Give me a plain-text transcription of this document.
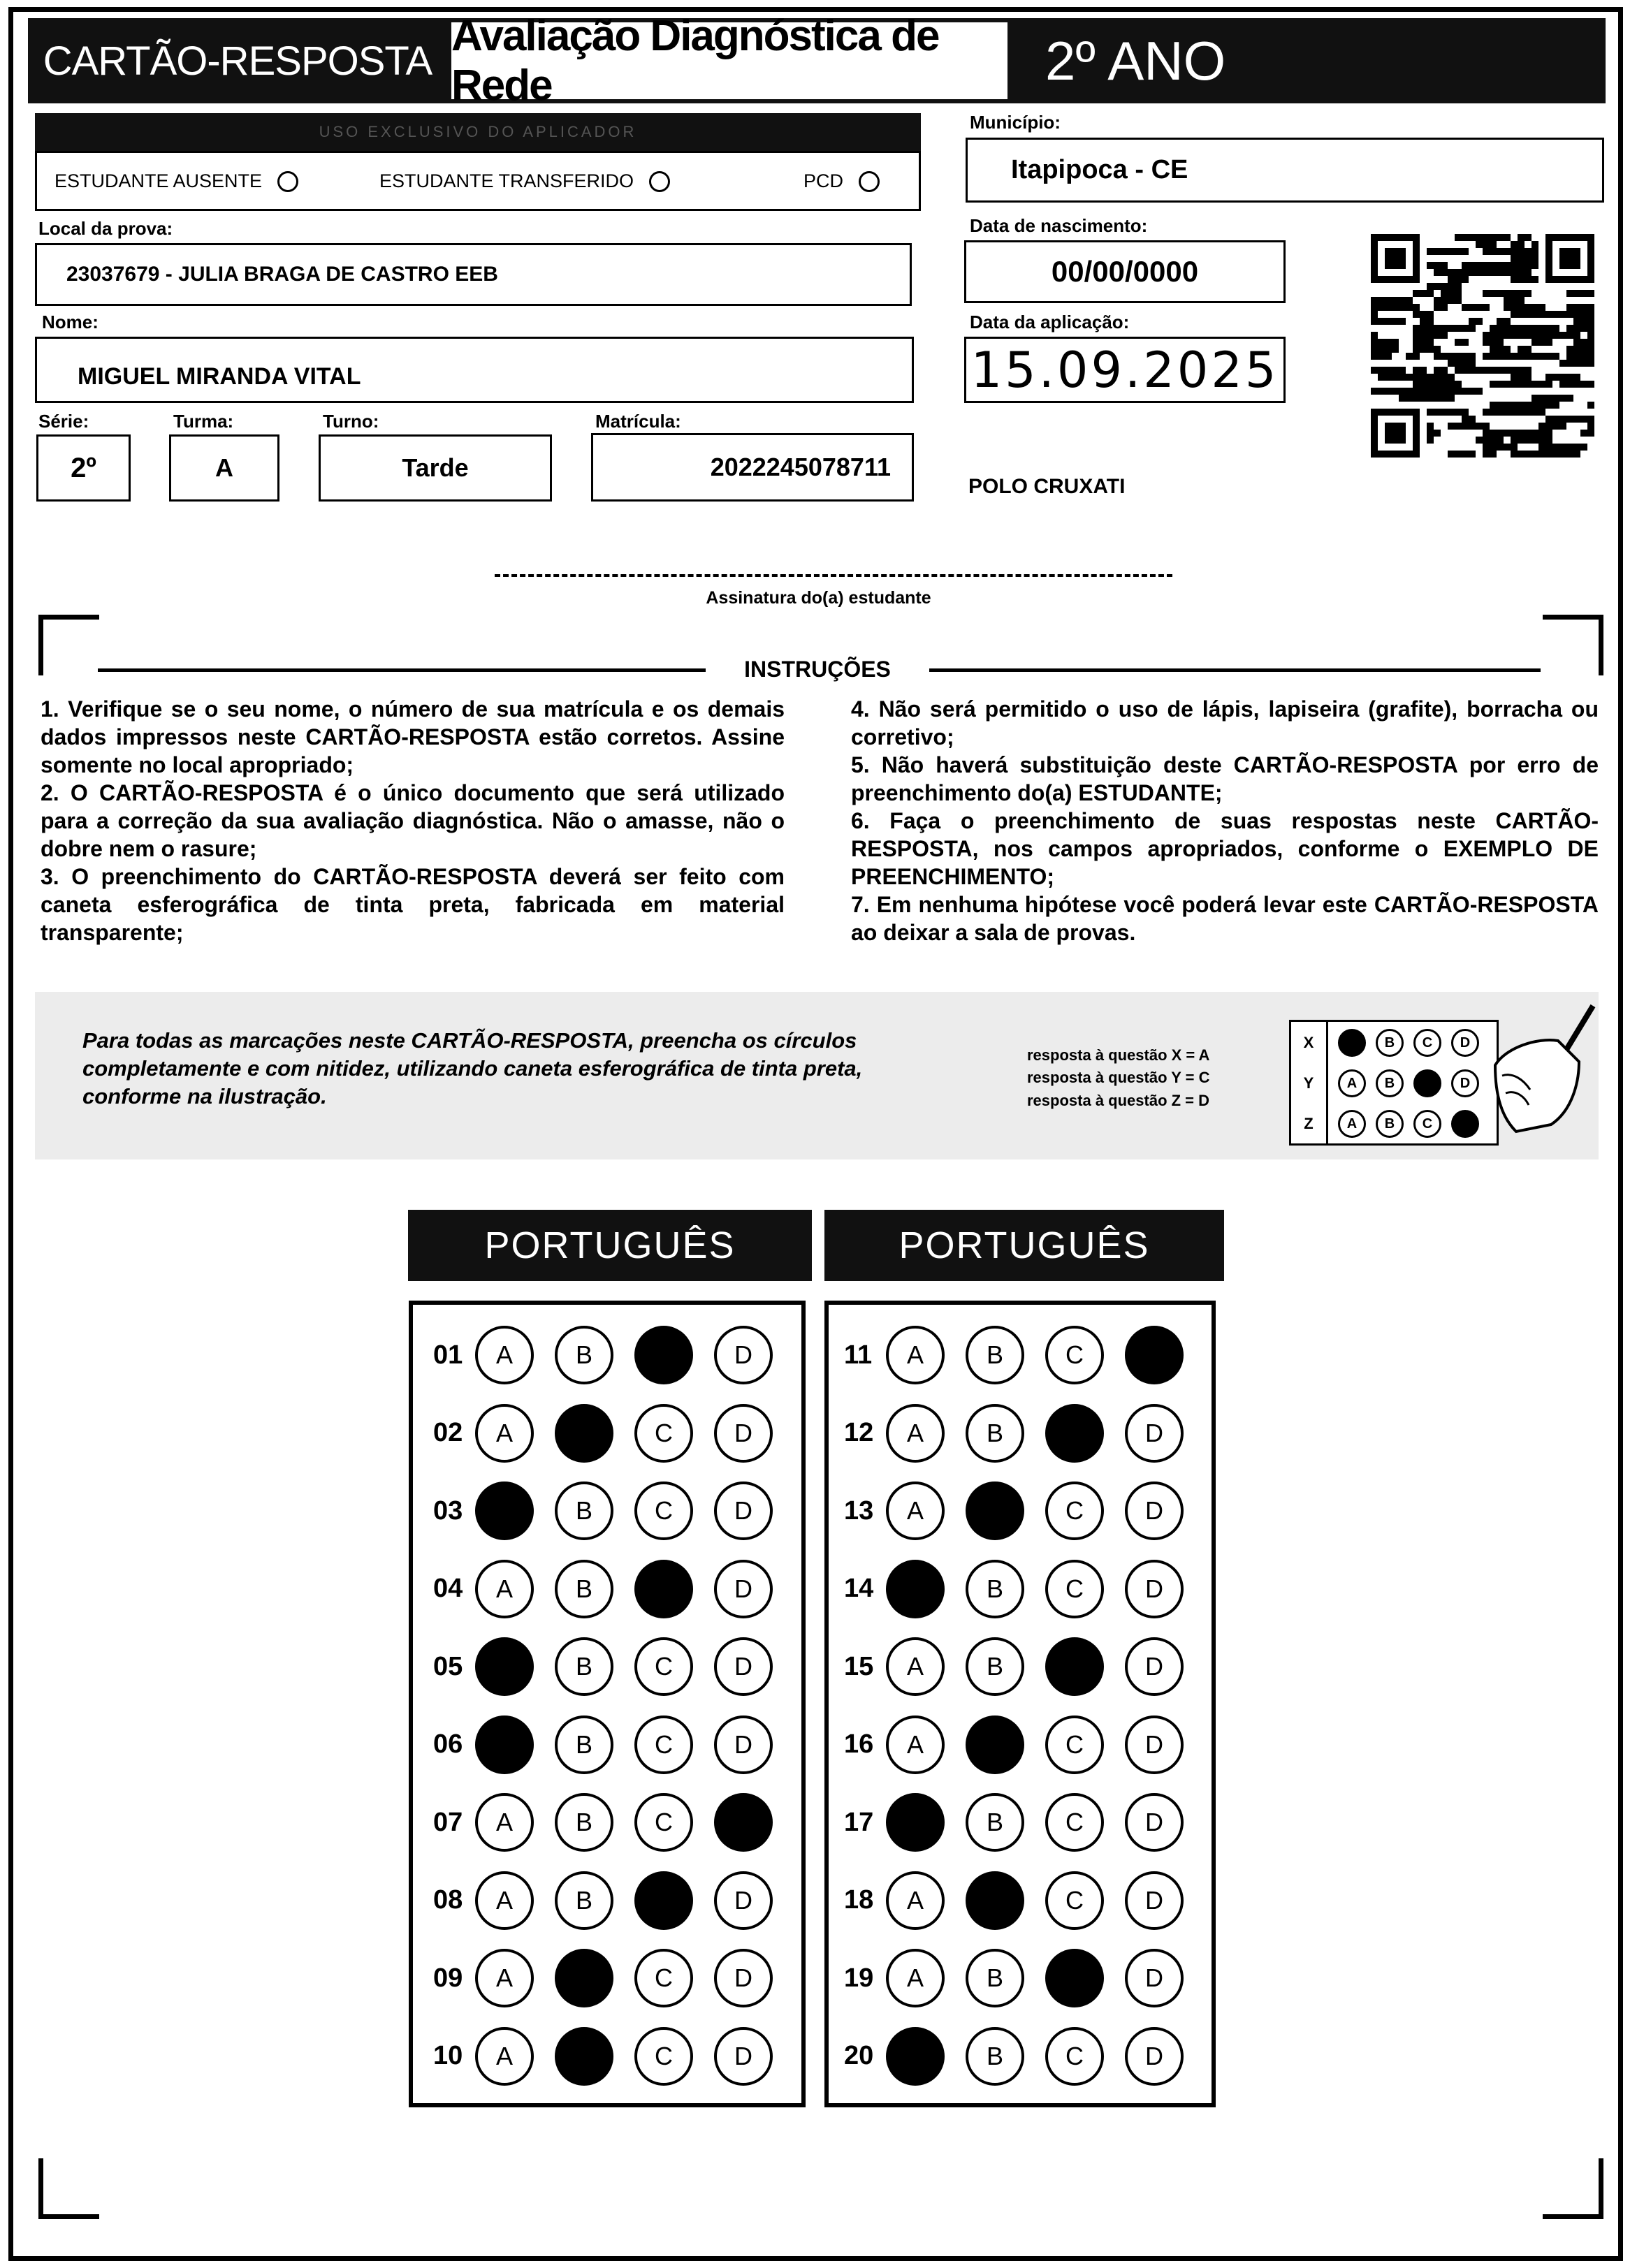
CARTÃO-RESPOSTA
Avaliação Diagnóstica de Rede	2º ANO
USO EXCLUSIVO DO APLICADOR
ESTUDANTE AUSENTE	ESTUDANTE TRANSFERIDO	PCD
Município:
Itapipoca - CE
Local da prova:
23037679 - JULIA BRAGA DE CASTRO EEB
Data de nascimento:
00/00/0000
Nome:
MIGUEL MIRANDA VITAL
Data da aplicação:
15.09.2025
Série:
2º
Turma:
A
Turno:
Tarde
Matrícula:
2022245078711
POLO CRUXATI
Assinatura do(a) estudante
INSTRUÇÕES

1. Verifique se o seu nome, o número de sua matrícula e os demais dados impressos neste CARTÃO-RESPOSTA estão corretos. Assine somente no local apropriado;

2. O CARTÃO-RESPOSTA é o único documento que será utilizado para a correção da sua avaliação diagnóstica. Não o amasse, não o dobre nem o rasure;

3. O preenchimento do CARTÃO-RESPOSTA deverá ser feito com caneta esferográfica de tinta preta, fabricada em material transparente;

4. Não será permitido o uso de lápis, lapiseira (grafite), borracha ou corretivo;

5. Não haverá substituição deste CARTÃO-RESPOSTA por erro de preenchimento do(a) ESTUDANTE;

6. Faça o preenchimento de suas respostas neste CARTÃO-RESPOSTA, nos campos apropriados, conforme o EXEMPLO DE PREENCHIMENTO;

7. Em nenhuma hipótese você poderá levar este CARTÃO-RESPOSTA ao deixar a sala de provas.

Para todas as marcações neste CARTÃO-RESPOSTA, preencha os círculos completamente e com nitidez, utilizando caneta esferográfica de tinta preta, conforme na ilustração.
resposta à questão X = A
resposta à questão Y = C
resposta à questão Z = D
X	A	B	C	D
Y	A	B	C	D
Z	A	B	C	D
PORTUGUÊS	PORTUGUÊS
01	A	B	C	D
02	A	B	C	D
03	A	B	C	D
04	A	B	C	D
05	A	B	C	D
06	A	B	C	D
07	A	B	C	D
08	A	B	C	D
09	A	B	C	D
10	A	B	C	D
11	A	B	C	D
12	A	B	C	D
13	A	B	C	D
14	A	B	C	D
15	A	B	C	D
16	A	B	C	D
17	A	B	C	D
18	A	B	C	D
19	A	B	C	D
20	A	B	C	D
